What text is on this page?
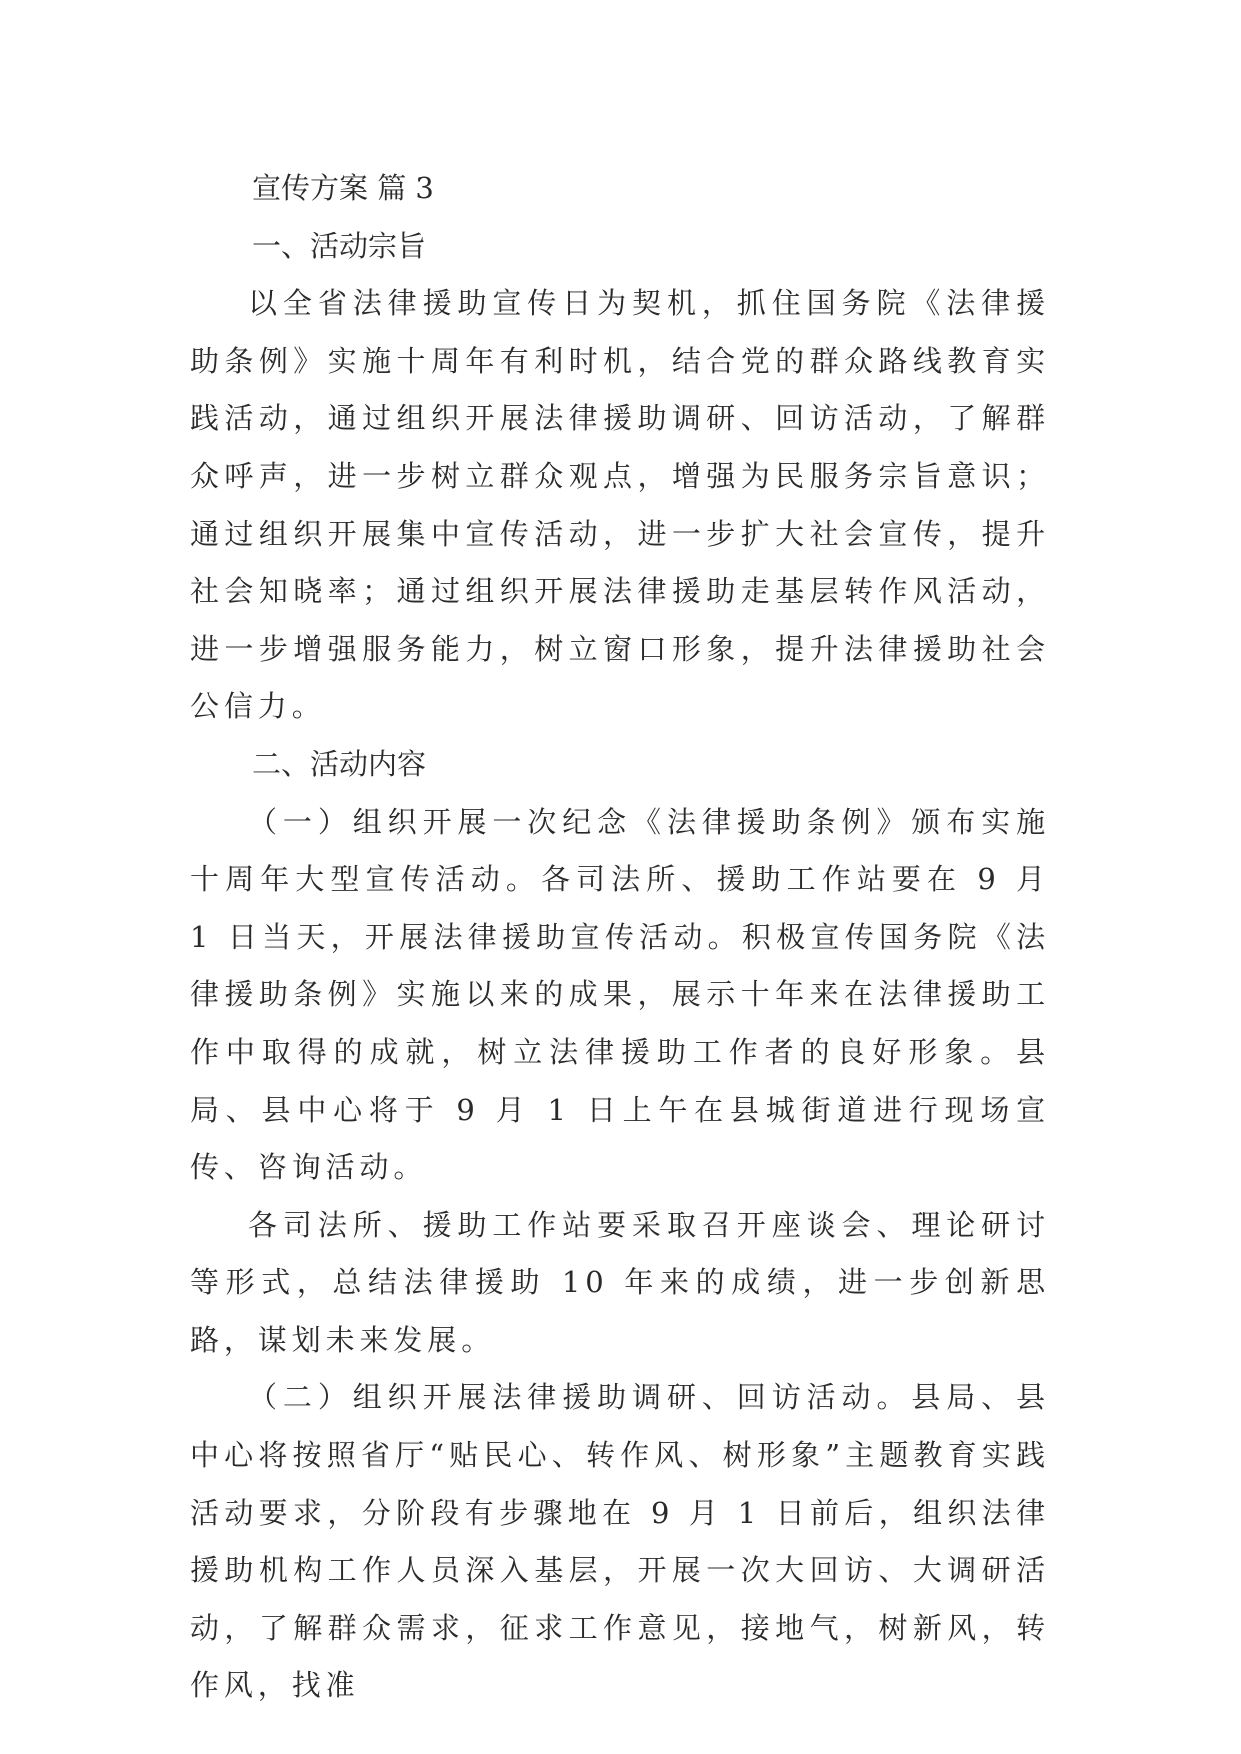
宣传方案 篇 3
一、活动宗旨

以全省法律援助宣传日为契机，抓住国务院《法律援助条例》实施十周年有利时机，结合党的群众路线教育实践活动，通过组织开展法律援助调研、回访活动，了解群众呼声，进一步树立群众观点，增强为民服务宗旨意识；通过组织开展集中宣传活动，进一步扩大社会宣传，提升社会知晓率；通过组织开展法律援助走基层转作风活动，进一步增强服务能力，树立窗口形象，提升法律援助社会公信力。

二、活动内容

（一）组织开展一次纪念《法律援助条例》颁布实施十周年大型宣传活动。各司法所、援助工作站要在 9 月 1 日当天，开展法律援助宣传活动。积极宣传国务院《法律援助条例》实施以来的成果，展示十年来在法律援助工作中取得的成就，树立法律援助工作者的良好形象。县局、县中心将于 9 月 1 日上午在县城街道进行现场宣传、咨询活动。

各司法所、援助工作站要采取召开座谈会、理论研讨等形式，总结法律援助 10 年来的成绩，进一步创新思路，谋划未来发展。

（二）组织开展法律援助调研、回访活动。县局、县中心将按照省厅“贴民心、转作风、树形象”主题教育实践活动要求，分阶段有步骤地在 9 月 1 日前后，组织法律援助机构工作人员深入基层，开展一次大回访、大调研活动，了解群众需求，征求工作意见，接地气，树新风，转作风，找准
